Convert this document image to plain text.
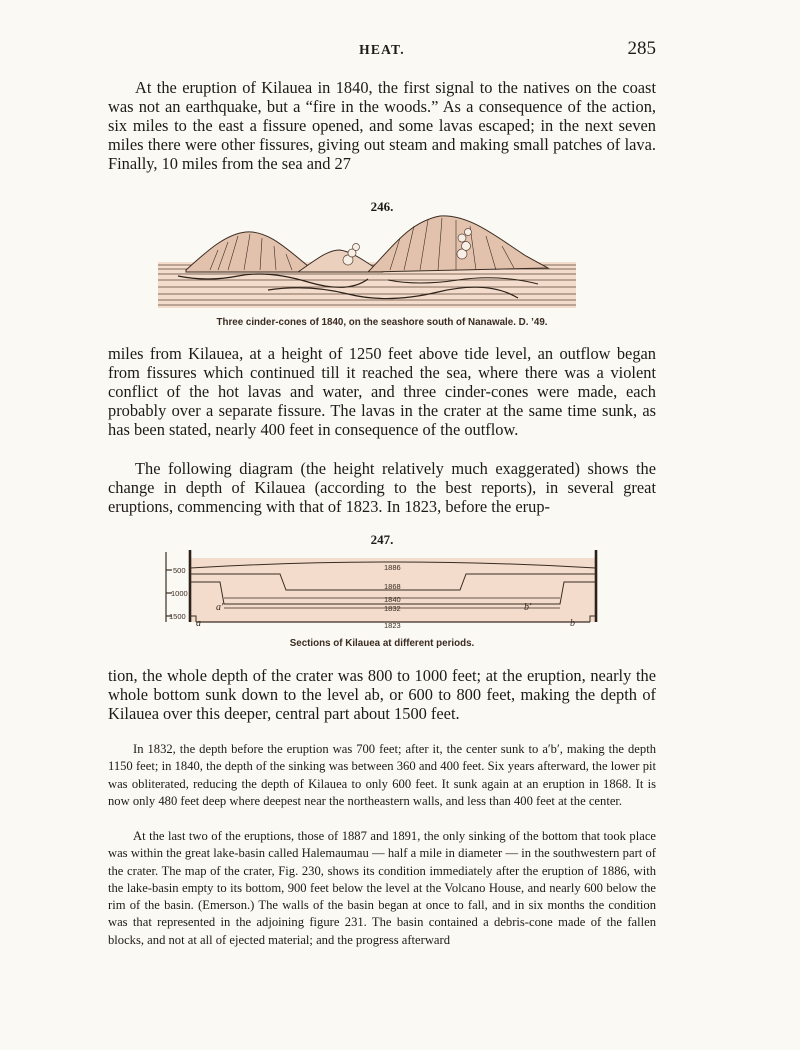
HEAT.	285

At the eruption of Kilauea in 1840, the first signal to the natives on the coast was not an earthquake, but a “fire in the woods.” As a consequence of the action, six miles to the east a fissure opened, and some lavas escaped; in the next seven miles there were other fissures, giving out steam and making small patches of lava. Finally, 10 miles from the sea and 27

246.
Three cinder-cones of 1840, on the seashore south of Nanawale. D. ’49.

miles from Kilauea, at a height of 1250 feet above tide level, an outflow began from fissures which continued till it reached the sea, where there was a violent conflict of the hot lavas and water, and three cinder-cones were made, each probably over a separate fissure. The lavas in the crater at the same time sunk, as has been stated, nearly 400 feet in consequence of the outflow.

The following diagram (the height relatively much exaggerated) shows the change in depth of Kilauea (according to the best reports), in several great eruptions, commencing with that of 1823. In 1823, before the erup-

247.
500
1000
1500
1886
1868
1840
1832
1823
a′	b′
a	b
Sections of Kilauea at different periods.

tion, the whole depth of the crater was 800 to 1000 feet; at the eruption, nearly the whole bottom sunk down to the level ab, or 600 to 800 feet, making the depth of Kilauea over this deeper, central part about 1500 feet.

In 1832, the depth before the eruption was 700 feet; after it, the center sunk to a′b′, making the depth 1150 feet; in 1840, the depth of the sinking was between 360 and 400 feet. Six years afterward, the lower pit was obliterated, reducing the depth of Kilauea to only 600 feet. It sunk again at an eruption in 1868. It is now only 480 feet deep where deepest near the northeastern walls, and less than 400 feet at the center.

At the last two of the eruptions, those of 1887 and 1891, the only sinking of the bottom that took place was within the great lake-basin called Halemaumau — half a mile in diameter — in the southwestern part of the crater. The map of the crater, Fig. 230, shows its condition immediately after the eruption of 1886, with the lake-basin empty to its bottom, 900 feet below the level at the Volcano House, and nearly 600 below the rim of the basin. (Emerson.) The walls of the basin began at once to fall, and in six months the condition was that represented in the adjoining figure 231. The basin contained a debris-cone made of the fallen blocks, and not at all of ejected material; and the progress afterward
